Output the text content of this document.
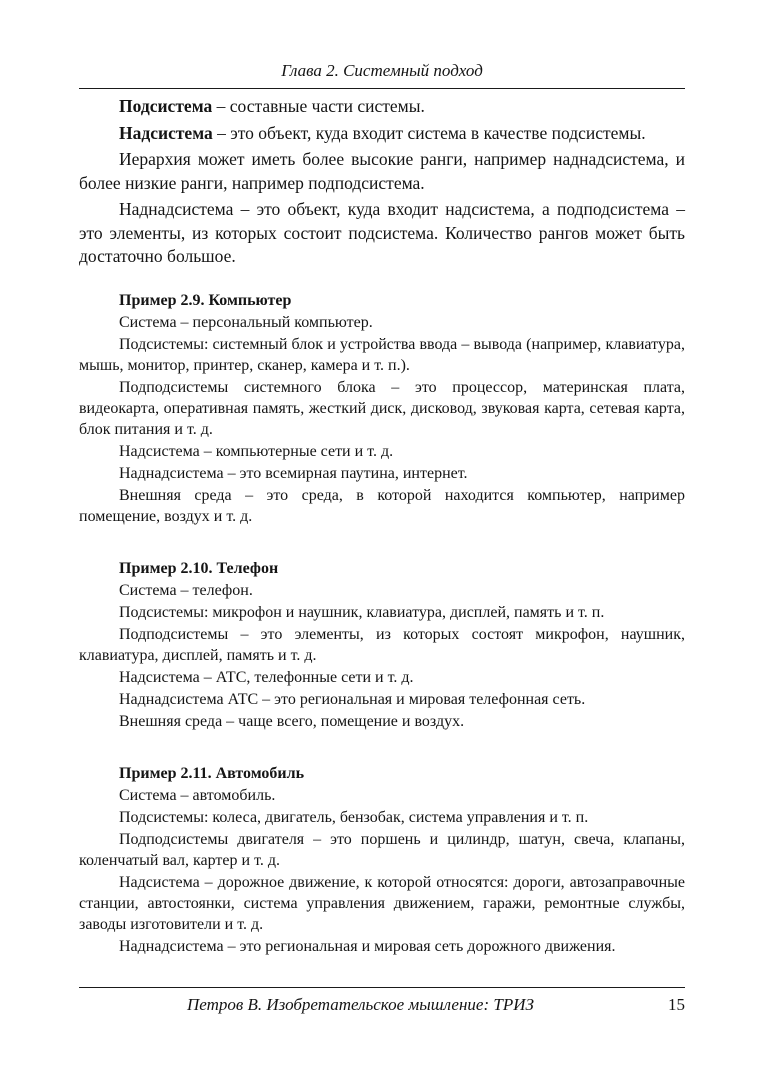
Глава 2. Системный подход

Подсистема – составные части системы.

Надсистема – это объект, куда входит система в качестве подсистемы.

Иерархия может иметь более высокие ранги, например наднадсистема, и более низкие ранги, например подподсистема.

Наднадсистема – это объект, куда входит надсистема, а подподсистема – это элементы, из которых состоит подсистема. Количество рангов может быть достаточно большое.

Пример 2.9. Компьютер

Система – персональный компьютер.

Подсистемы: системный блок и устройства ввода – вывода (например, клавиатура, мышь, монитор, принтер, сканер, камера и т. п.).

Подподсистемы системного блока – это процессор, материнская плата, видеокарта, оперативная память, жесткий диск, дисковод, звуковая карта, сетевая карта, блок питания и т. д.

Надсистема – компьютерные сети и т. д.

Наднадсистема – это всемирная паутина, интернет.

Внешняя среда – это среда, в которой находится компьютер, например помещение, воздух и т. д.

Пример 2.10. Телефон

Система – телефон.

Подсистемы: микрофон и наушник, клавиатура, дисплей, память и т. п.

Подподсистемы – это элементы, из которых состоят микрофон, наушник, клавиатура, дисплей, память и т. д.

Надсистема – АТС, телефонные сети и т. д.

Наднадсистема АТС – это региональная и мировая телефонная сеть.

Внешняя среда – чаще всего, помещение и воздух.

Пример 2.11. Автомобиль

Система – автомобиль.

Подсистемы: колеса, двигатель, бензобак, система управления и т. п.

Подподсистемы двигателя – это поршень и цилиндр, шатун, свеча, клапаны, коленчатый вал, картер и т. д.

Надсистема – дорожное движение, к которой относятся: дороги, автозаправочные станции, автостоянки, система управления движением, гаражи, ремонтные службы, заводы изготовители и т. д.

Наднадсистема – это региональная и мировая сеть дорожного движения.

Петров В. Изобретательское мышление: ТРИЗ	15
